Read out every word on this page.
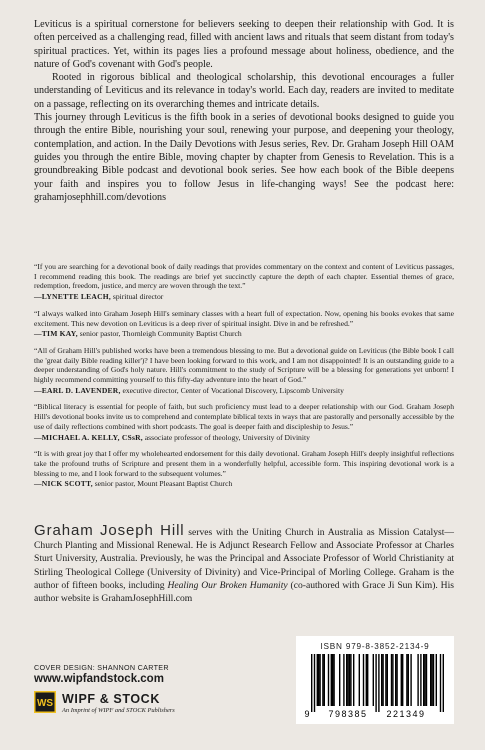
Leviticus is a spiritual cornerstone for believers seeking to deepen their relationship with God. It is often perceived as a challenging read, filled with ancient laws and rituals that seem distant from today's spiritual practices. Yet, within its pages lies a profound message about holiness, obedience, and the nature of God's covenant with God's people.

Rooted in rigorous biblical and theological scholarship, this devotional encourages a fuller understanding of Leviticus and its relevance in today's world. Each day, readers are invited to meditate on a passage, reflecting on its overarching themes and intricate details.

This journey through Leviticus is the fifth book in a series of devotional books designed to guide you through the entire Bible, nourishing your soul, renewing your purpose, and deepening your theology, contemplation, and action. In the Daily Devotions with Jesus series, Rev. Dr. Graham Joseph Hill OAM guides you through the entire Bible, moving chapter by chapter from Genesis to Revelation. This is a groundbreaking Bible podcast and devotional book series. See how each book of the Bible deepens your faith and inspires you to follow Jesus in life-changing ways! See the podcast here: grahamjosephhill.com/devotions

“If you are searching for a devotional book of daily readings that provides commentary on the context and content of Leviticus passages, I recommend reading this book. The readings are brief yet succinctly capture the depth of each chapter. Essential themes of grace, redemption, freedom, justice, and mercy are woven through the text.”
—LYNETTE LEACH, spiritual director
“I always walked into Graham Joseph Hill's seminary classes with a heart full of expectation. Now, opening his books evokes that same excitement. This new devotion on Leviticus is a deep river of spiritual insight. Dive in and be refreshed.”
—TIM KAY, senior pastor, Thornleigh Community Baptist Church
“All of Graham Hill's published works have been a tremendous blessing to me. But a devotional guide on Leviticus (the Bible book I call the 'great daily Bible reading killer')? I have been looking forward to this work, and I am not disappointed! It is an outstanding guide to a deeper understanding of God's holy nature. Hill's commitment to the study of Scripture will be a blessing for generations yet unborn! I highly recommend committing yourself to this fifty-day adventure into the heart of God.”
—EARL D. LAVENDER, executive director, Center of Vocational Discovery, Lipscomb University
“Biblical literacy is essential for people of faith, but such proficiency must lead to a deeper relationship with our God. Graham Joseph Hill's devotional books invite us to comprehend and contemplate biblical texts in ways that are pastorally and personally accessible by the use of daily reflections combined with short podcasts. The goal is deeper faith and discipleship to Jesus.”
—MICHAEL A. KELLY, CSsR, associate professor of theology, University of Divinity
“It is with great joy that I offer my wholehearted endorsement for this daily devotional. Graham Joseph Hill's deeply insightful reflections take the profound truths of Scripture and present them in a wonderfully helpful, accessible form. This inspiring devotional work is a blessing to me, and I look forward to the subsequent volumes.”
—NICK SCOTT, senior pastor, Mount Pleasant Baptist Church
Graham Joseph Hill serves with the Uniting Church in Australia as Mission Catalyst—Church Planting and Missional Renewal. He is Adjunct Research Fellow and Associate Professor at Charles Sturt University, Australia. Previously, he was the Principal and Associate Professor of World Christianity at Stirling Theological College (University of Divinity) and Vice-Principal of Morling College. Graham is the author of fifteen books, including Healing Our Broken Humanity (co-authored with Grace Ji Sun Kim). His author website is GrahamJosephHill.com
COVER DESIGN: SHANNON CARTER
www.wipfandstock.com
WS WIPF & STOCK
An Imprint of WIPF and STOCK Publishers
ISBN 979-8-3852-2134-9
9 798385 221349
